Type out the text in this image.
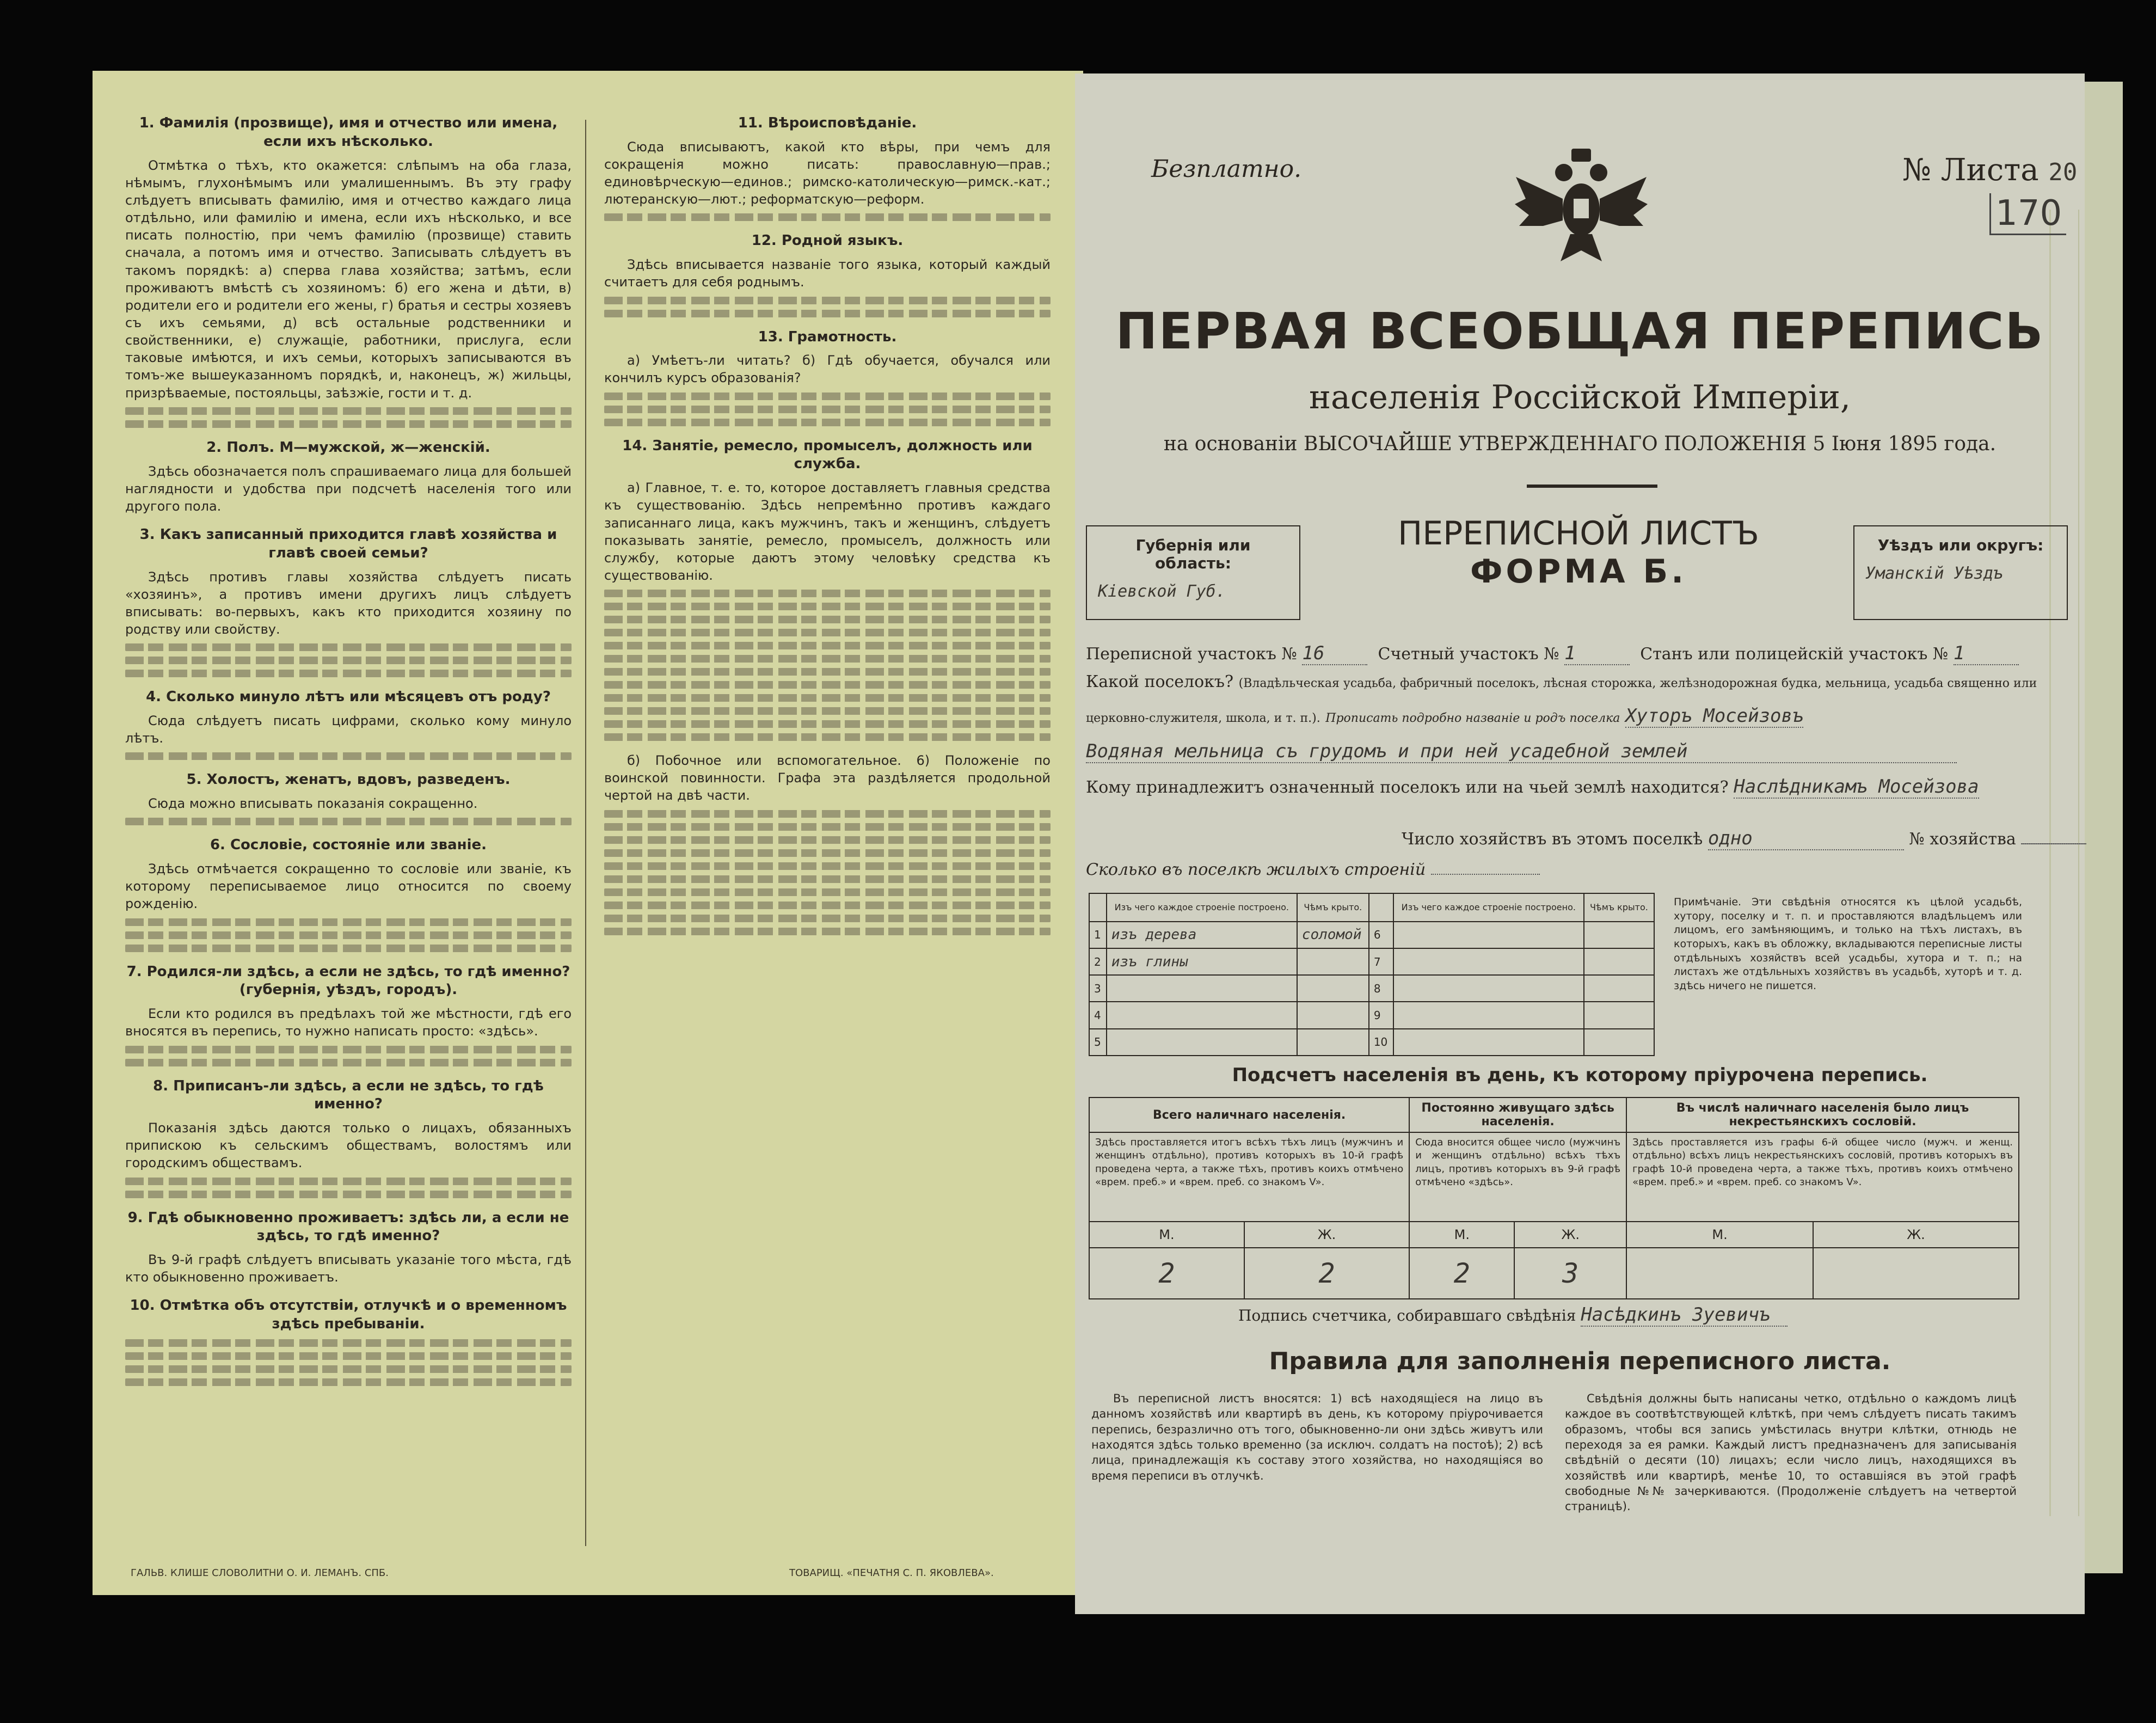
1. Фамилія (прозвище), имя и отчество или имена, если ихъ нѣсколько.
Отмѣтка о тѣхъ, кто окажется: слѣпымъ на оба глаза, нѣмымъ, глухонѣмымъ или умалишеннымъ. Въ эту графу слѣдуетъ вписывать фамилію, имя и отчество каждаго лица отдѣльно, или фамилію и имена, если ихъ нѣсколько, и все писать полностію, при чемъ фамилію (прозвище) ставить сначала, а потомъ имя и отчество. Записывать слѣдуетъ въ такомъ порядкѣ: а) сперва глава хозяйства; затѣмъ, если проживаютъ вмѣстѣ съ хозяиномъ: б) его жена и дѣти, в) родители его и родители его жены, г) братья и сестры хозяевъ съ ихъ семьями, д) всѣ остальные родственники и свойственники, е) служащіе, работники, прислуга, если таковые имѣются, и ихъ семьи, которыхъ записываются въ томъ-же вышеуказанномъ порядкѣ, и, наконецъ, ж) жильцы, призрѣваемые, постояльцы, заѣзжіе, гости и т. д.
2. Полъ. М—мужской, ж—женскій.
Здѣсь обозначается полъ спрашиваемаго лица для большей наглядности и удобства при подсчетѣ населенія того или другого пола.
3. Какъ записанный приходится главѣ хозяйства и главѣ своей семьи?
Здѣсь противъ главы хозяйства слѣдуетъ писать «хозяинъ», а противъ имени другихъ лицъ слѣдуетъ вписывать: во-первыхъ, какъ кто приходится хозяину по родству или свойству.
4. Сколько минуло лѣтъ или мѣсяцевъ отъ роду?
Сюда слѣдуетъ писать цифрами, сколько кому минуло лѣтъ.
5. Холостъ, женатъ, вдовъ, разведенъ.
Сюда можно вписывать показанія сокращенно.
6. Сословіе, состояніе или званіе.
Здѣсь отмѣчается сокращенно то сословіе или званіе, къ которому переписываемое лицо относится по своему рожденію.
7. Родился-ли здѣсь, а если не здѣсь, то гдѣ именно? (губернія, уѣздъ, городъ).
Если кто родился въ предѣлахъ той же мѣстности, гдѣ его вносятся въ перепись, то нужно написать просто: «здѣсь».
8. Приписанъ-ли здѣсь, а если не здѣсь, то гдѣ именно?
Показанія здѣсь даются только о лицахъ, обязанныхъ припискою къ сельскимъ обществамъ, волостямъ или городскимъ обществамъ.
9. Гдѣ обыкновенно проживаетъ: здѣсь ли, а если не здѣсь, то гдѣ именно?
Въ 9-й графѣ слѣдуетъ вписывать указаніе того мѣста, гдѣ кто обыкновенно проживаетъ.
10. Отмѣтка объ отсутствіи, отлучкѣ и о временномъ здѣсь пребываніи.
11. Вѣроисповѣданіе.
Сюда вписываютъ, какой кто вѣры, при чемъ для сокращенія можно писать: православную—прав.; единовѣрческую—единов.; римско-католическую—римск.-кат.; лютеранскую—лют.; реформатскую—реформ.
12. Родной языкъ.
Здѣсь вписывается названіе того языка, который каждый считаетъ для себя роднымъ.
13. Грамотность.
а) Умѣетъ-ли читать? б) Гдѣ обучается, обучался или кончилъ курсъ образованія?
14. Занятіе, ремесло, промыселъ, должность или служба.
а) Главное, т. е. то, которое доставляетъ главныя средства къ существованію. Здѣсь непремѣнно противъ каждаго записаннаго лица, какъ мужчинъ, такъ и женщинъ, слѣдуетъ показывать занятіе, ремесло, промыселъ, должность или службу, которые даютъ этому человѣку средства къ существованію.
б) Побочное или вспомогательное. 6) Положеніе по воинской повинности. Графа эта раздѣляется продольной чертой на двѣ части.
ГАЛЬВ. КЛИШЕ СЛОВОЛИТНИ О. И. ЛЕМАНЪ. СПБ.	ТОВАРИЩ. «ПЕЧАТНЯ С. П. ЯКОВЛЕВА».
Безплатно.	№ Листа 20
170
ПЕРВАЯ ВСЕОБЩАЯ ПЕРЕПИСЬ
населенія Россійской Имперіи,
на основаніи ВЫСОЧАЙШЕ УТВЕРЖДЕННАГО ПОЛОЖЕНІЯ 5 Іюня 1895 года.
Губернія или область:
Кіевской Губ.
ПЕРЕПИСНОЙ ЛИСТЪ
ФОРМА Б.
Уѣздъ или округъ:
Уманскій Уѣздъ
Переписной участокъ № 16	Счетный участокъ № 1	Станъ или полицейскій участокъ № 1
Какой поселокъ? (Владѣльческая усадьба, фабричный поселокъ, лѣсная сторожка, желѣзнодорожная будка, мельница, усадьба священно или
церковно-служителя, школа, и т. п.). Прописать подробно названіе и родъ поселка Хуторъ Мосейзовъ
Водяная мельница съ грудомъ и при ней усадебной землей
Кому принадлежитъ означенный поселокъ или на чьей землѣ находится? Наслѣдникамъ Мосейзова
Число хозяйствъ въ этомъ поселкѣ одно	№ хозяйства
Сколько въ поселкѣ жилыхъ строеній
	Изъ чего каждое строеніе построено.	Чѣмъ крыто.		Изъ чего каждое строеніе построено.	Чѣмъ крыто.
1	изъ дерева	соломой	6		
2	изъ глины		7		
3			8		
4			9		
5			10		
Примѣчаніе. Эти свѣдѣнія относятся къ цѣлой усадьбѣ, хутору, поселку и т. п. и проставляются владѣльцемъ или лицомъ, его замѣняющимъ, и только на тѣхъ листахъ, въ которыхъ, какъ въ обложку, вкладываются переписные листы отдѣльныхъ хозяйствъ всей усадьбы, хутора и т. п.; на листахъ же отдѣльныхъ хозяйствъ въ усадьбѣ, хуторѣ и т. д. здѣсь ничего не пишется.
Подсчетъ населенія въ день, къ которому пріурочена перепись.
Всего наличнаго населенія.		Постоянно живущаго здѣсь населенія.		Въ числѣ наличнаго населенія было лицъ некрестьянскихъ сословій.	
Здѣсь проставляется итогъ всѣхъ тѣхъ лицъ (мужчинъ и женщинъ отдѣльно), противъ которыхъ въ 10-й графѣ проведена черта, а также тѣхъ, противъ коихъ отмѣчено «врем. преб.» и «врем. преб. со знакомъ V».		Сюда вносится общее число (мужчинъ и женщинъ отдѣльно) всѣхъ тѣхъ лицъ, противъ которыхъ въ 9-й графѣ отмѣчено «здѣсь».		Здѣсь проставляется изъ графы 6-й общее число (мужч. и женщ. отдѣльно) всѣхъ лицъ некрестьянскихъ сословій, противъ которыхъ въ графѣ 10-й проведена черта, а также тѣхъ, противъ коихъ отмѣчено «врем. преб.» и «врем. преб. со знакомъ V».	
М.	Ж.	М.	Ж.	М.	Ж.
2	2	2	3		
Подпись счетчика, собиравшаго свѣдѣнія Насѣдкинъ Зуевичъ
Правила для заполненія переписного листа.
Въ переписной листъ вносятся: 1) всѣ находящіеся на лицо въ данномъ хозяйствѣ или квартирѣ въ день, къ которому пріурочивается перепись, безразлично отъ того, обыкновенно-ли они здѣсь живутъ или находятся здѣсь только временно (за исключ. солдатъ на постоѣ); 2) всѣ лица, принадлежащія къ составу этого хозяйства, но находящіяся во время переписи въ отлучкѣ.
Свѣдѣнія должны быть написаны четко, отдѣльно о каждомъ лицѣ каждое въ соотвѣтствующей клѣткѣ, при чемъ слѣдуетъ писать такимъ образомъ, чтобы вся запись умѣстилась внутри клѣтки, отнюдь не переходя за ея рамки. Каждый листъ предназначенъ для записыванія свѣдѣній о десяти (10) лицахъ; если число лицъ, находящихся въ хозяйствѣ или квартирѣ, менѣе 10, то оставшіяся въ этой графѣ свободные №№ зачеркиваются. (Продолженіе слѣдуетъ на четвертой страницѣ).
